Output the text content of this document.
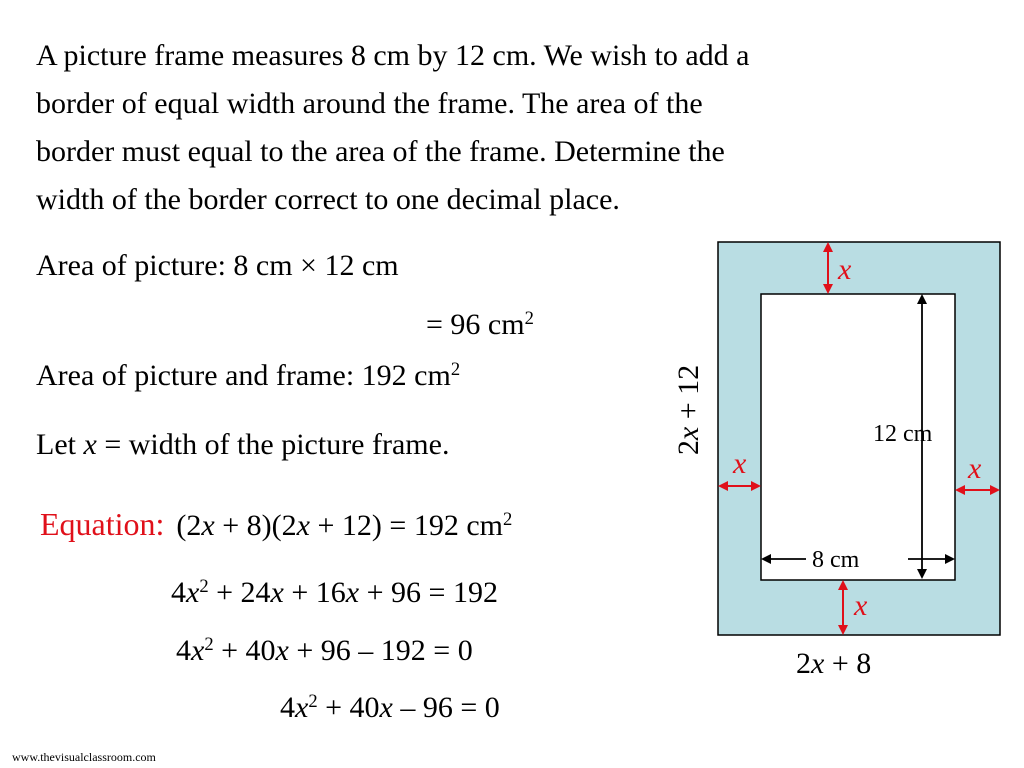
A picture frame measures 8 cm by 12 cm. We wish to add a
border of equal width around the frame. The area of the
border must equal to the area of the frame. Determine the
width of the border correct to one decimal place.
Area of picture: 8 cm × 12 cm
= 96 $cm^2$
Area of picture and frame: 192 $cm^2$
Let x = width of the picture frame.
Equation: (2x + 8)(2x + 12) = 192 $cm^2$
$4x^2 + 24x + 16x + 96 = 192$
$4x^2 + 40x + 96 - 192 = 0$
$4x^2 + 40x - 96 = 0$
x
x	x
x
12 cm
8 cm
2x + 12
2x + 8
www.thevisualclassroom.com
